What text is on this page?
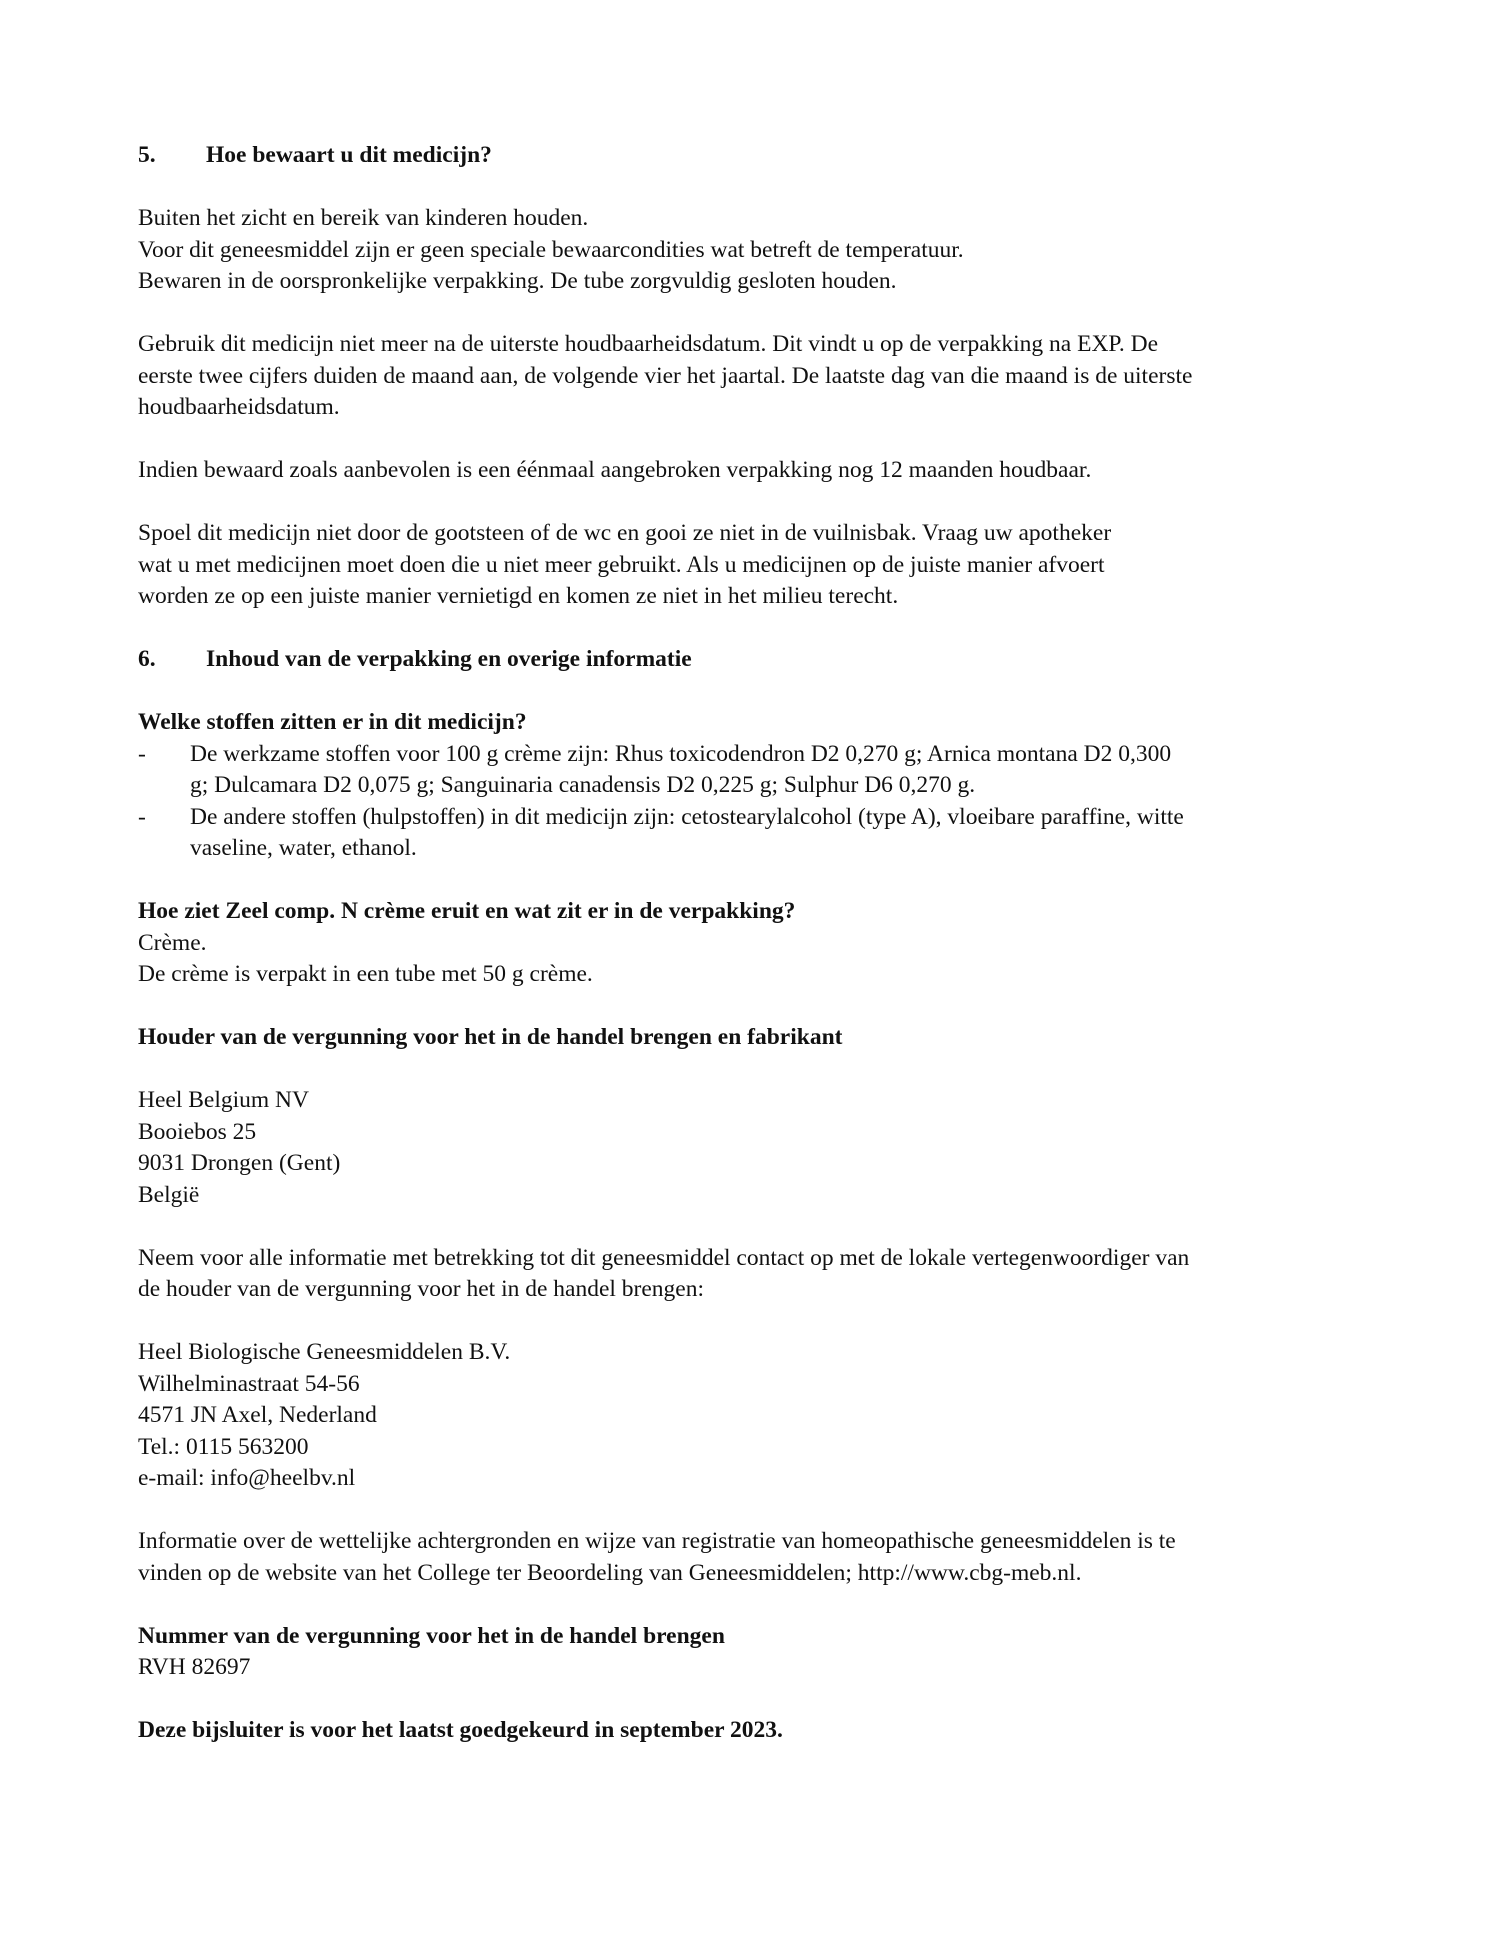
5.	Hoe bewaart u dit medicijn?

Buiten het zicht en bereik van kinderen houden.

Voor dit geneesmiddel zijn er geen speciale bewaarcondities wat betreft de temperatuur.

Bewaren in de oorspronkelijke verpakking. De tube zorgvuldig gesloten houden.

Gebruik dit medicijn niet meer na de uiterste houdbaarheidsdatum. Dit vindt u op de verpakking na EXP. De

eerste twee cijfers duiden de maand aan, de volgende vier het jaartal. De laatste dag van die maand is de uiterste

houdbaarheidsdatum.

Indien bewaard zoals aanbevolen is een éénmaal aangebroken verpakking nog 12 maanden houdbaar.

Spoel dit medicijn niet door de gootsteen of de wc en gooi ze niet in de vuilnisbak. Vraag uw apotheker

wat u met medicijnen moet doen die u niet meer gebruikt. Als u medicijnen op de juiste manier afvoert

worden ze op een juiste manier vernietigd en komen ze niet in het milieu terecht.

6.	Inhoud van de verpakking en overige informatie

Welke stoffen zitten er in dit medicijn?

- De werkzame stoffen voor 100 g crème zijn: Rhus toxicodendron D2 0,270 g; Arnica montana D2 0,300

g; Dulcamara D2 0,075 g; Sanguinaria canadensis D2 0,225 g; Sulphur D6 0,270 g.

- De andere stoffen (hulpstoffen) in dit medicijn zijn: cetostearylalcohol (type A), vloeibare paraffine, witte

vaseline, water, ethanol.

Hoe ziet Zeel comp. N crème eruit en wat zit er in de verpakking?

Crème.

De crème is verpakt in een tube met 50 g crème.

Houder van de vergunning voor het in de handel brengen en fabrikant

Heel Belgium NV

Booiebos 25

9031 Drongen (Gent)

België

Neem voor alle informatie met betrekking tot dit geneesmiddel contact op met de lokale vertegenwoordiger van

de houder van de vergunning voor het in de handel brengen:

Heel Biologische Geneesmiddelen B.V.

Wilhelminastraat 54-56

4571 JN Axel, Nederland

Tel.: 0115 563200

e-mail: info@heelbv.nl

Informatie over de wettelijke achtergronden en wijze van registratie van homeopathische geneesmiddelen is te

vinden op de website van het College ter Beoordeling van Geneesmiddelen; http://www.cbg-meb.nl.

Nummer van de vergunning voor het in de handel brengen

RVH 82697

Deze bijsluiter is voor het laatst goedgekeurd in september 2023.
